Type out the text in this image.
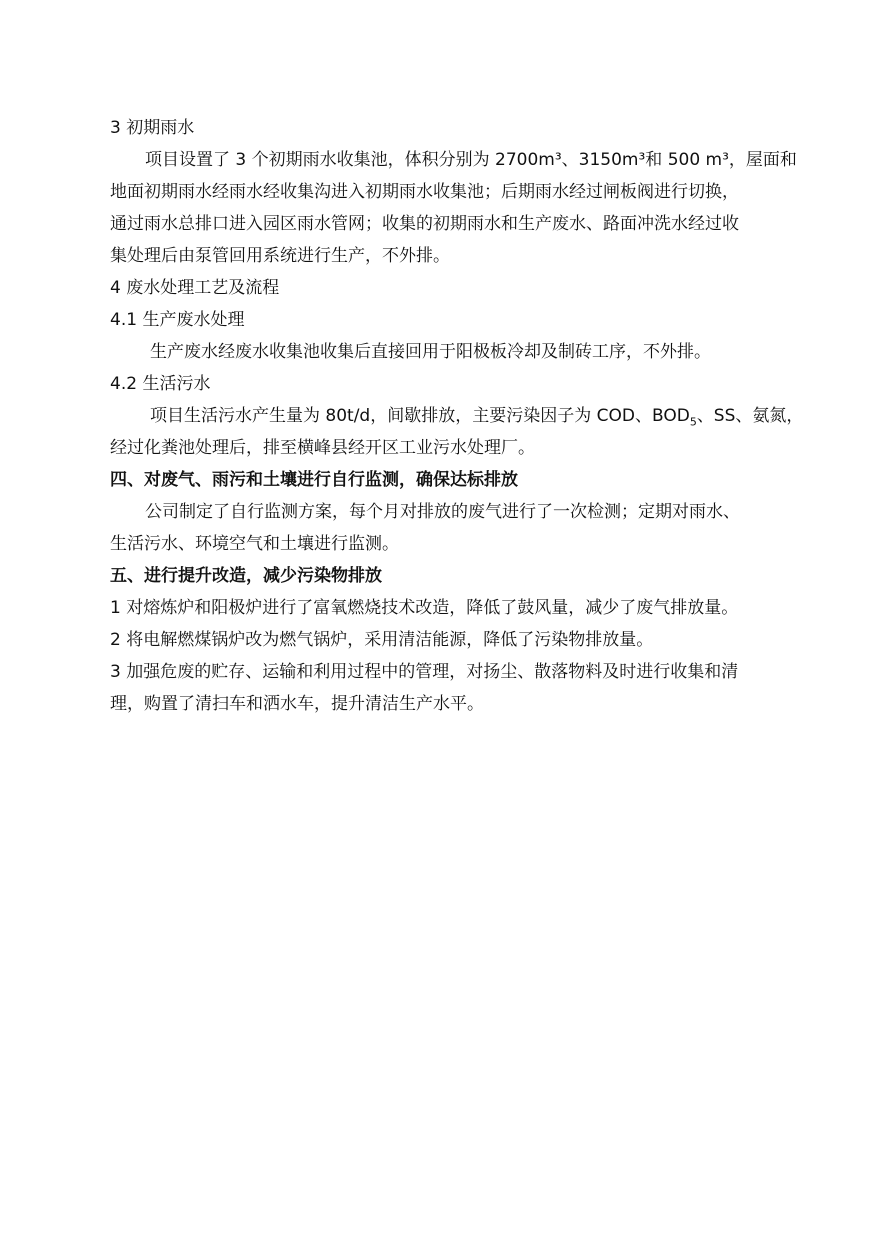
3 初期雨水
项目设置了 3 个初期雨水收集池，体积分别为 2700m³、3150m³和 500 m³，屋面和
地面初期雨水经雨水经收集沟进入初期雨水收集池；后期雨水经过闸板阀进行切换，
通过雨水总排口进入园区雨水管网；收集的初期雨水和生产废水、路面冲洗水经过收
集处理后由泵管回用系统进行生产，不外排。
4 废水处理工艺及流程
4.1 生产废水处理
生产废水经废水收集池收集后直接回用于阳极板冷却及制砖工序，不外排。
4.2 生活污水
项目生活污水产生量为 80t/d，间歇排放，主要污染因子为 COD、$BOD_5$、SS、氨氮，
经过化粪池处理后，排至横峰县经开区工业污水处理厂。
四、对废气、雨污和土壤进行自行监测，确保达标排放
公司制定了自行监测方案，每个月对排放的废气进行了一次检测；定期对雨水、
生活污水、环境空气和土壤进行监测。
五、进行提升改造，减少污染物排放
1 对熔炼炉和阳极炉进行了富氧燃烧技术改造，降低了鼓风量，减少了废气排放量。
2 将电解燃煤锅炉改为燃气锅炉，采用清洁能源，降低了污染物排放量。
3 加强危废的贮存、运输和利用过程中的管理，对扬尘、散落物料及时进行收集和清
理，购置了清扫车和洒水车，提升清洁生产水平。
